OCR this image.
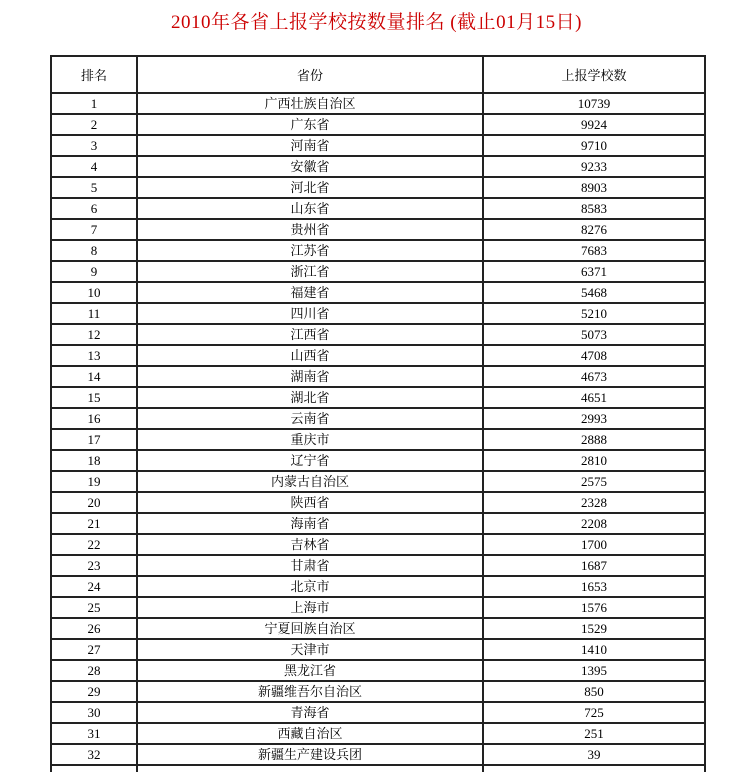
2010年各省上报学校按数量排名 (截止01月15日)
排名	省份	上报学校数
1	广西壮族自治区	10739
2	广东省	9924
3	河南省	9710
4	安徽省	9233
5	河北省	8903
6	山东省	8583
7	贵州省	8276
8	江苏省	7683
9	浙江省	6371
10	福建省	5468
11	四川省	5210
12	江西省	5073
13	山西省	4708
14	湖南省	4673
15	湖北省	4651
16	云南省	2993
17	重庆市	2888
18	辽宁省	2810
19	内蒙古自治区	2575
20	陕西省	2328
21	海南省	2208
22	吉林省	1700
23	甘肃省	1687
24	北京市	1653
25	上海市	1576
26	宁夏回族自治区	1529
27	天津市	1410
28	黑龙江省	1395
29	新疆维吾尔自治区	850
30	青海省	725
31	西藏自治区	251
32	新疆生产建设兵团	39
